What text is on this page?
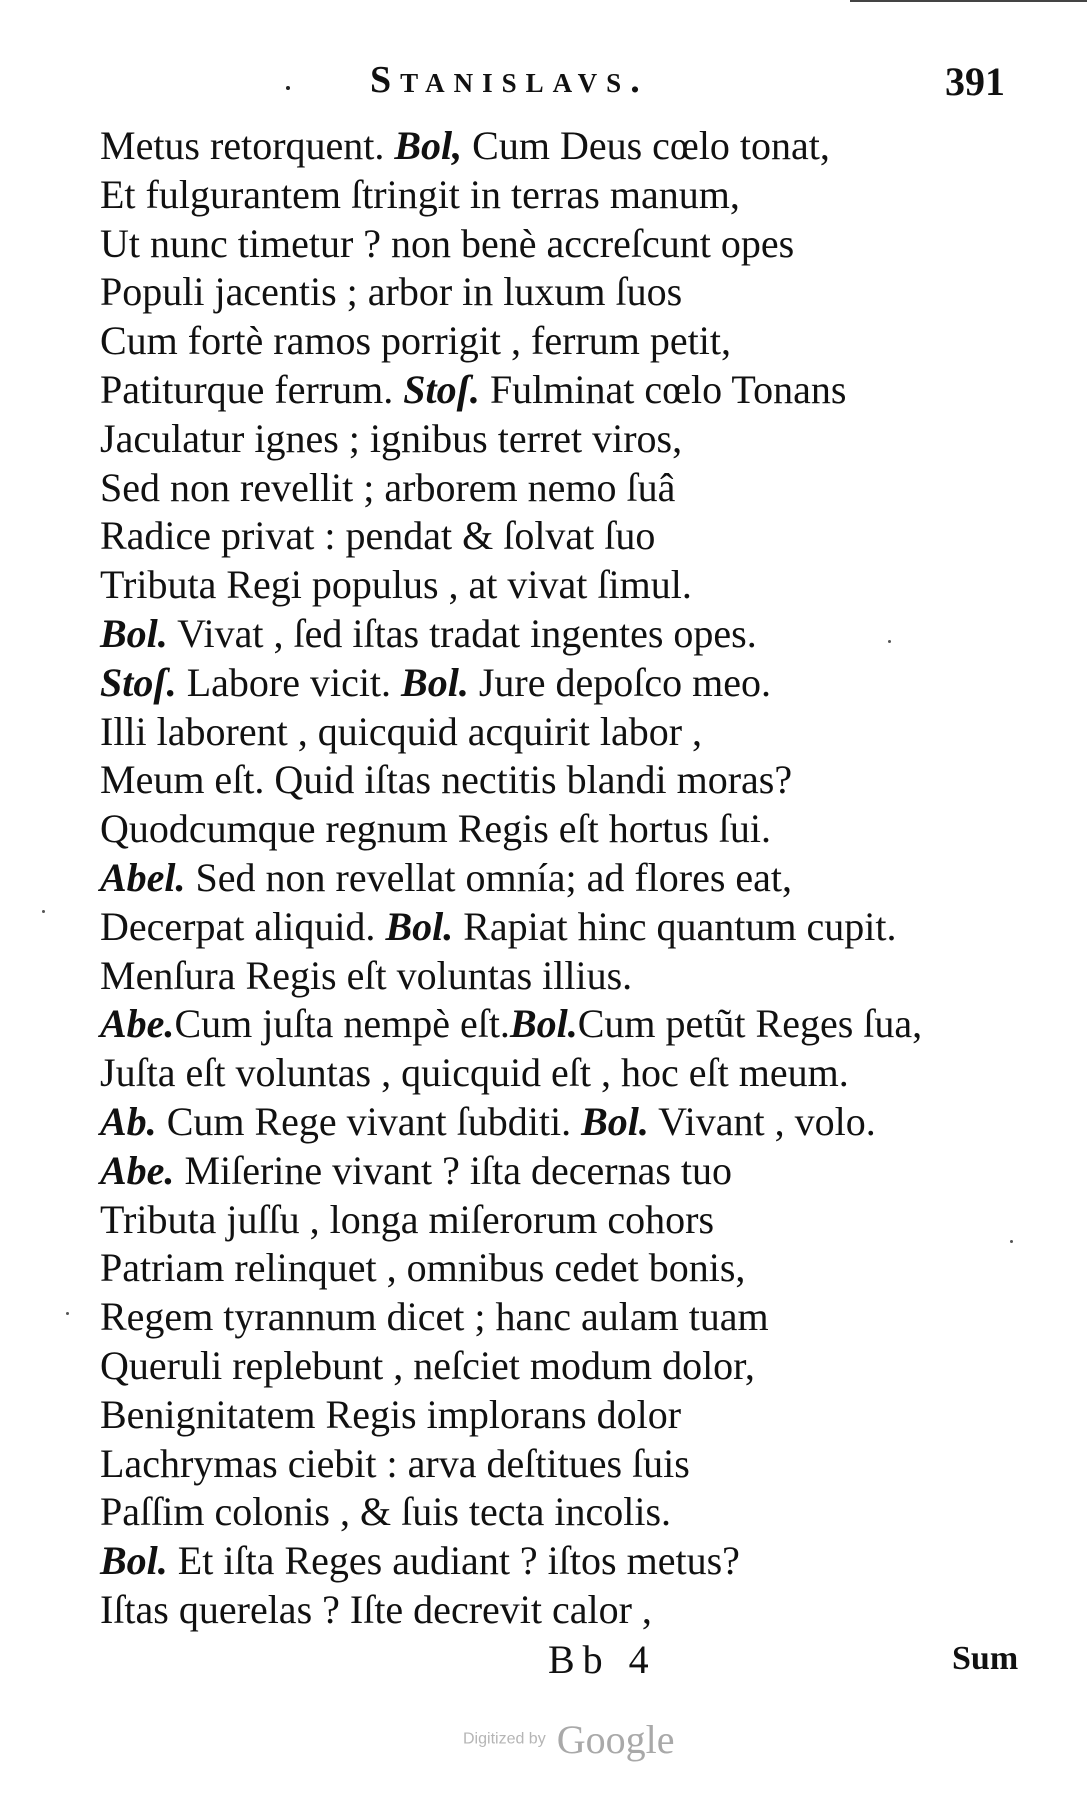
Stanislavs.	391
Metus retorquent. Bol, Cum Deus cœlo tonat,
Et fulgurantem ſtringit in terras manum,
Ut nunc timetur ? non benè accreſcunt opes
Populi jacentis ; arbor in luxum ſuos
Cum fortè ramos porrigit , ferrum petit,
Patiturque ferrum. Stoſ. Fulminat cœlo Tonans
Jaculatur ignes ; ignibus terret viros,
Sed non revellit ; arborem nemo ſuâ
Radice privat : pendat & ſolvat ſuo
Tributa Regi populus , at vivat ſimul.
Bol. Vivat , ſed iſtas tradat ingentes opes.
Stoſ. Labore vicit. Bol. Jure depoſco meo.
Illi laborent , quicquid acquirit labor ,
Meum eſt. Quid iſtas nectitis blandi moras?
Quodcumque regnum Regis eſt hortus ſui.
Abel. Sed non revellat omnía; ad flores eat,
Decerpat aliquid. Bol. Rapiat hinc quantum cupit.
Menſura Regis eſt voluntas illius.
Abe.Cum juſta nempè eſt.Bol.Cum petũt Reges ſua,
Juſta eſt voluntas , quicquid eſt , hoc eſt meum.
Ab. Cum Rege vivant ſubditi. Bol. Vivant , volo.
Abe. Miſerine vivant ? iſta decernas tuo
Tributa juſſu , longa miſerorum cohors
Patriam relinquet , omnibus cedet bonis,
Regem tyrannum dicet ; hanc aulam tuam
Queruli replebunt , neſciet modum dolor,
Benignitatem Regis implorans dolor
Lachrymas ciebit : arva deſtitues ſuis
Paſſim colonis , & ſuis tecta incolis.
Bol. Et iſta Reges audiant ? iſtos metus?
Iſtas querelas ? Iſte decrevit calor ,
Bb 4	Sum
Digitized by Google
